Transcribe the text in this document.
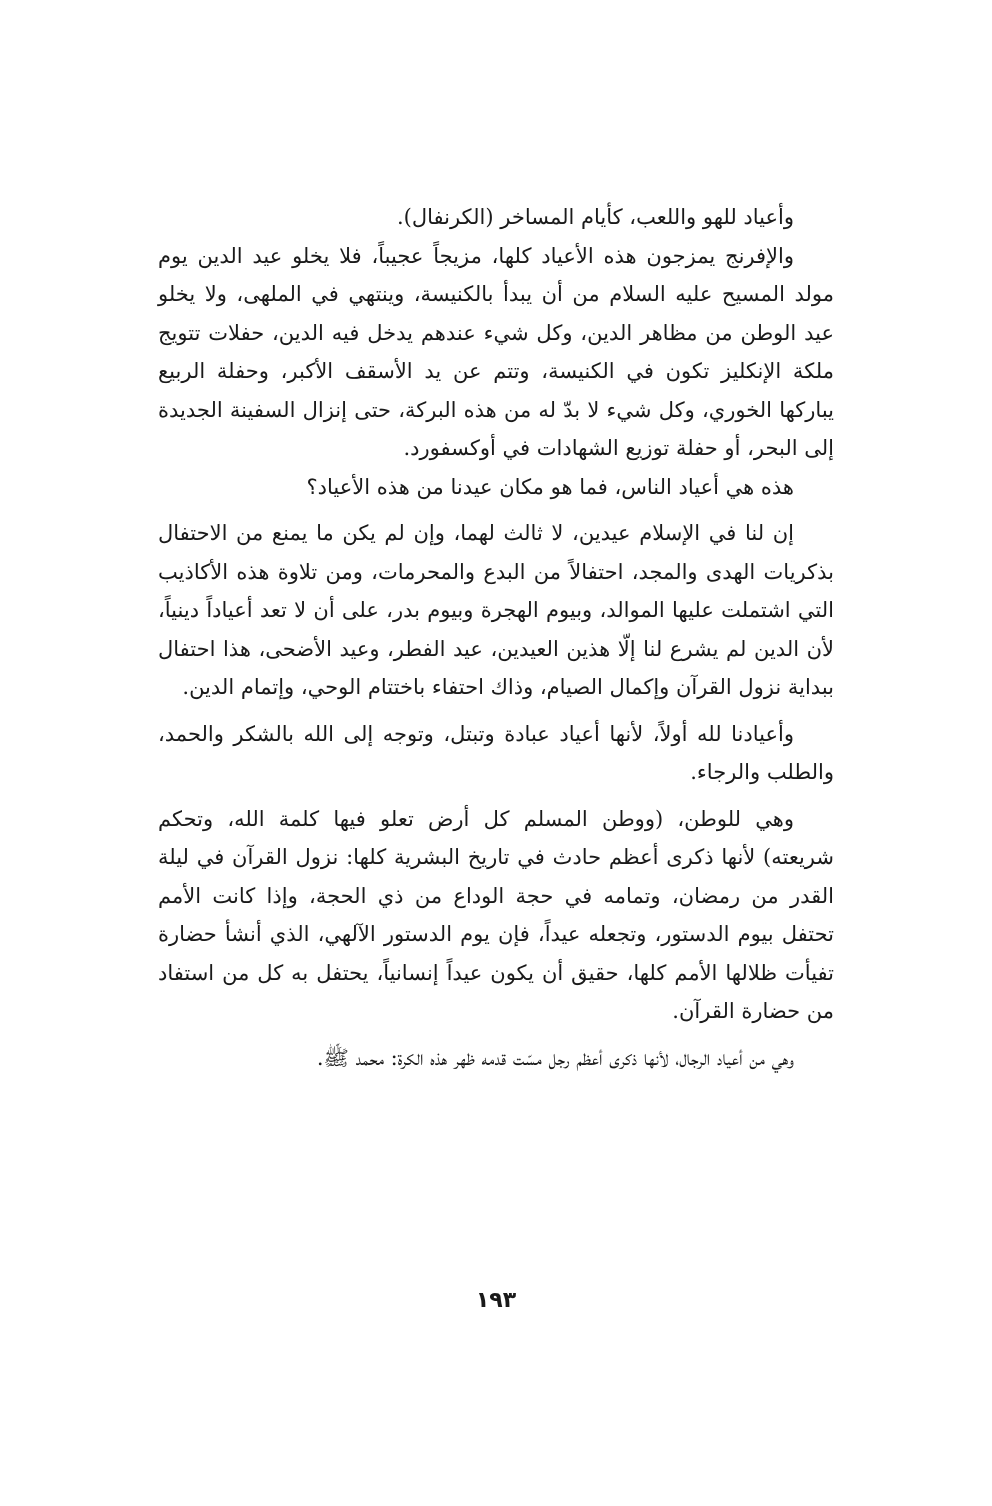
وأعياد للهو واللعب، كأيام المساخر (الكرنفال).

والإفرنج يمزجون هذه الأعياد كلها، مزيجاً عجيباً، فلا يخلو عيد الدين يوم مولد المسيح عليه السلام من أن يبدأ بالكنيسة، وينتهي في الملهى، ولا يخلو عيد الوطن من مظاهر الدين، وكل شيء عندهم يدخل فيه الدين، حفلات تتويج ملكة الإنكليز تكون في الكنيسة، وتتم عن يد الأسقف الأكبر، وحفلة الربيع يباركها الخوري، وكل شيء لا بدّ له من هذه البركة، حتى إنزال السفينة الجديدة إلى البحر، أو حفلة توزيع الشهادات في أوكسفورد.

هذه هي أعياد الناس، فما هو مكان عيدنا من هذه الأعياد؟

إن لنا في الإسلام عيدين، لا ثالث لهما، وإن لم يكن ما يمنع من الاحتفال بذكريات الهدى والمجد، احتفالاً من البدع والمحرمات، ومن تلاوة هذه الأكاذيب التي اشتملت عليها الموالد، وبيوم الهجرة وبيوم بدر، على أن لا تعد أعياداً دينياً، لأن الدين لم يشرع لنا إلّا هذين العيدين، عيد الفطر، وعيد الأضحى، هذا احتفال ببداية نزول القرآن وإكمال الصيام، وذاك احتفاء باختتام الوحي، وإتمام الدين.

وأعيادنا لله أولاً، لأنها أعياد عبادة وتبتل، وتوجه إلى الله بالشكر والحمد، والطلب والرجاء.

وهي للوطن، (ووطن المسلم كل أرض تعلو فيها كلمة الله، وتحكم شريعته) لأنها ذكرى أعظم حادث في تاريخ البشرية كلها: نزول القرآن في ليلة القدر من رمضان، وتمامه في حجة الوداع من ذي الحجة، وإذا كانت الأمم تحتفل بيوم الدستور، وتجعله عيداً، فإن يوم الدستور الآلهي، الذي أنشأ حضارة تفيأت ظلالها الأمم كلها، حقيق أن يكون عيداً إنسانياً، يحتفل به كل من استفاد من حضارة القرآن.

وهي من أعياد الرجال، لأنها ذكرى أعظم رجل مسّت قدمه ظهر هذه الكرة: محمد ﷺ.

١٩٣
